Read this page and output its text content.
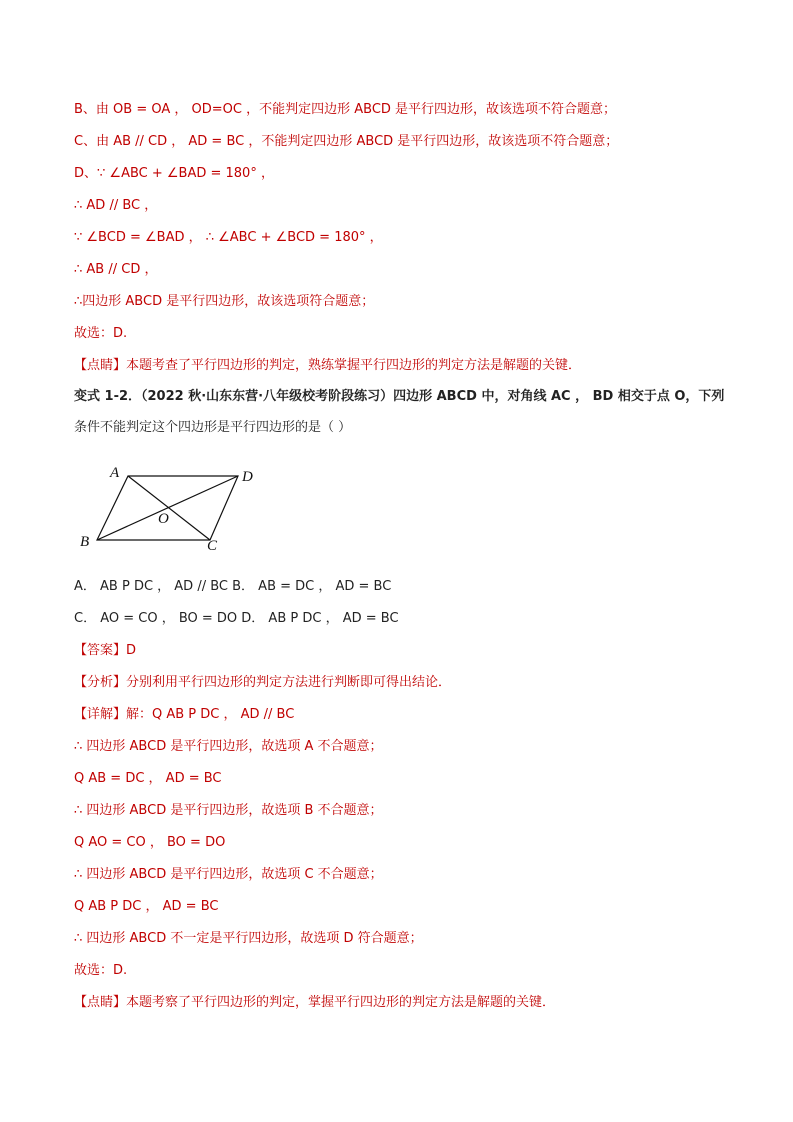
B、由 OB = OA ， OD=OC ，不能判定四边形 ABCD 是平行四边形，故该选项不符合题意；
C、由 AB // CD ， AD = BC ，不能判定四边形 ABCD 是平行四边形，故该选项不符合题意；
D、∵ ∠ABC + ∠BAD = 180° ，
∴ AD // BC ，
∵ ∠BCD = ∠BAD ， ∴ ∠ABC + ∠BCD = 180° ，
∴ AB // CD ，
∴四边形 ABCD 是平行四边形，故该选项符合题意；
故选：D.
【点睛】本题考查了平行四边形的判定，熟练掌握平行四边形的判定方法是解题的关键．
变式 1-2．（2022 秋·山东东营·八年级校考阶段练习）四边形 ABCD 中，对角线 AC ， BD 相交于点 O，下列
条件不能判定这个四边形是平行四边形的是（ ）
A	D
O
B	C
A． AB P DC ， AD // BC B． AB = DC ， AD = BC
C． AO = CO ， BO = DO D． AB P DC ， AD = BC
【答案】D
【分析】分别利用平行四边形的判定方法进行判断即可得出结论．
【详解】解：Q AB P DC ， AD // BC
∴ 四边形 ABCD 是平行四边形，故选项 A 不合题意；
Q AB = DC ， AD = BC
∴ 四边形 ABCD 是平行四边形，故选项 B 不合题意；
Q AO = CO ， BO = DO
∴ 四边形 ABCD 是平行四边形，故选项 C 不合题意；
Q AB P DC ， AD = BC
∴ 四边形 ABCD 不一定是平行四边形，故选项 D 符合题意；
故选：D.
【点睛】本题考察了平行四边形的判定，掌握平行四边形的判定方法是解题的关键．
